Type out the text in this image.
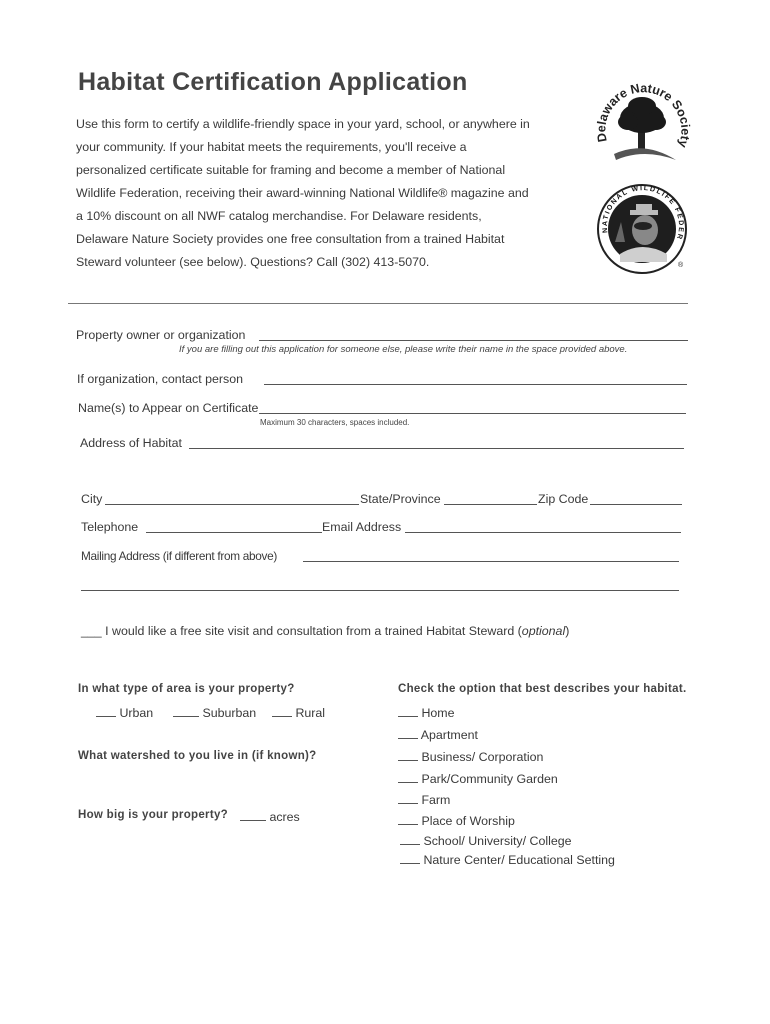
Habitat Certification Application
Use this form to certify a wildlife-friendly space in your yard, school, or anywhere in
your community. If your habitat meets the requirements, you'll receive a
personalized certificate suitable for framing and become a member of National
Wildlife Federation, receiving their award-winning National Wildlife® magazine and
a 10% discount on all NWF catalog merchandise. For Delaware residents,
Delaware Nature Society provides one free consultation from a trained Habitat
Steward volunteer (see below). Questions? Call (302) 413-5070.
Delaware Nature Society
NATIONAL WILDLIFE FEDER
®
Property owner or organization
If you are filling out this application for someone else, please write their name in the space provided above.
If organization, contact person
Name(s) to Appear on Certificate
Maximum 30 characters, spaces included.
Address of Habitat
City	State/Province	Zip Code
Telephone	Email Address
Mailing Address (if different from above)
___ I would like a free site visit and consultation from a trained Habitat Steward (optional)
In what type of area is your property?
Urban	Suburban	Rural
What watershed to you live in (if known)?
How big is your property?	acres
Check the option that best describes your habitat.
Home
Apartment
Business/ Corporation
Park/Community Garden
Farm
Place of Worship
School/ University/ College
Nature Center/ Educational Setting
